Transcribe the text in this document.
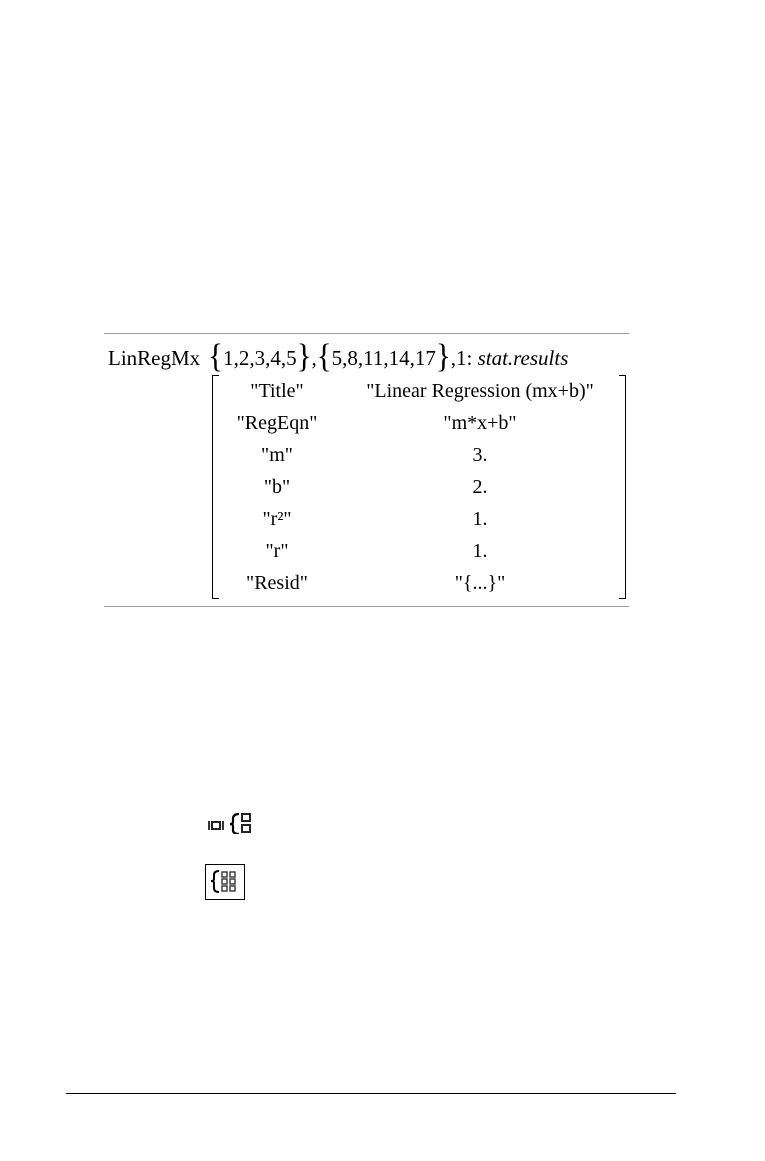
LinRegMx {1,2,3,4,5},{5,8,11,14,17},1: stat.results
"Title"	"Linear Regression (mx+b)"
"RegEqn"	"m*x+b"
"m"	3.
"b"	2.
"r²"	1.
"r"	1.
"Resid"	"{...}"
